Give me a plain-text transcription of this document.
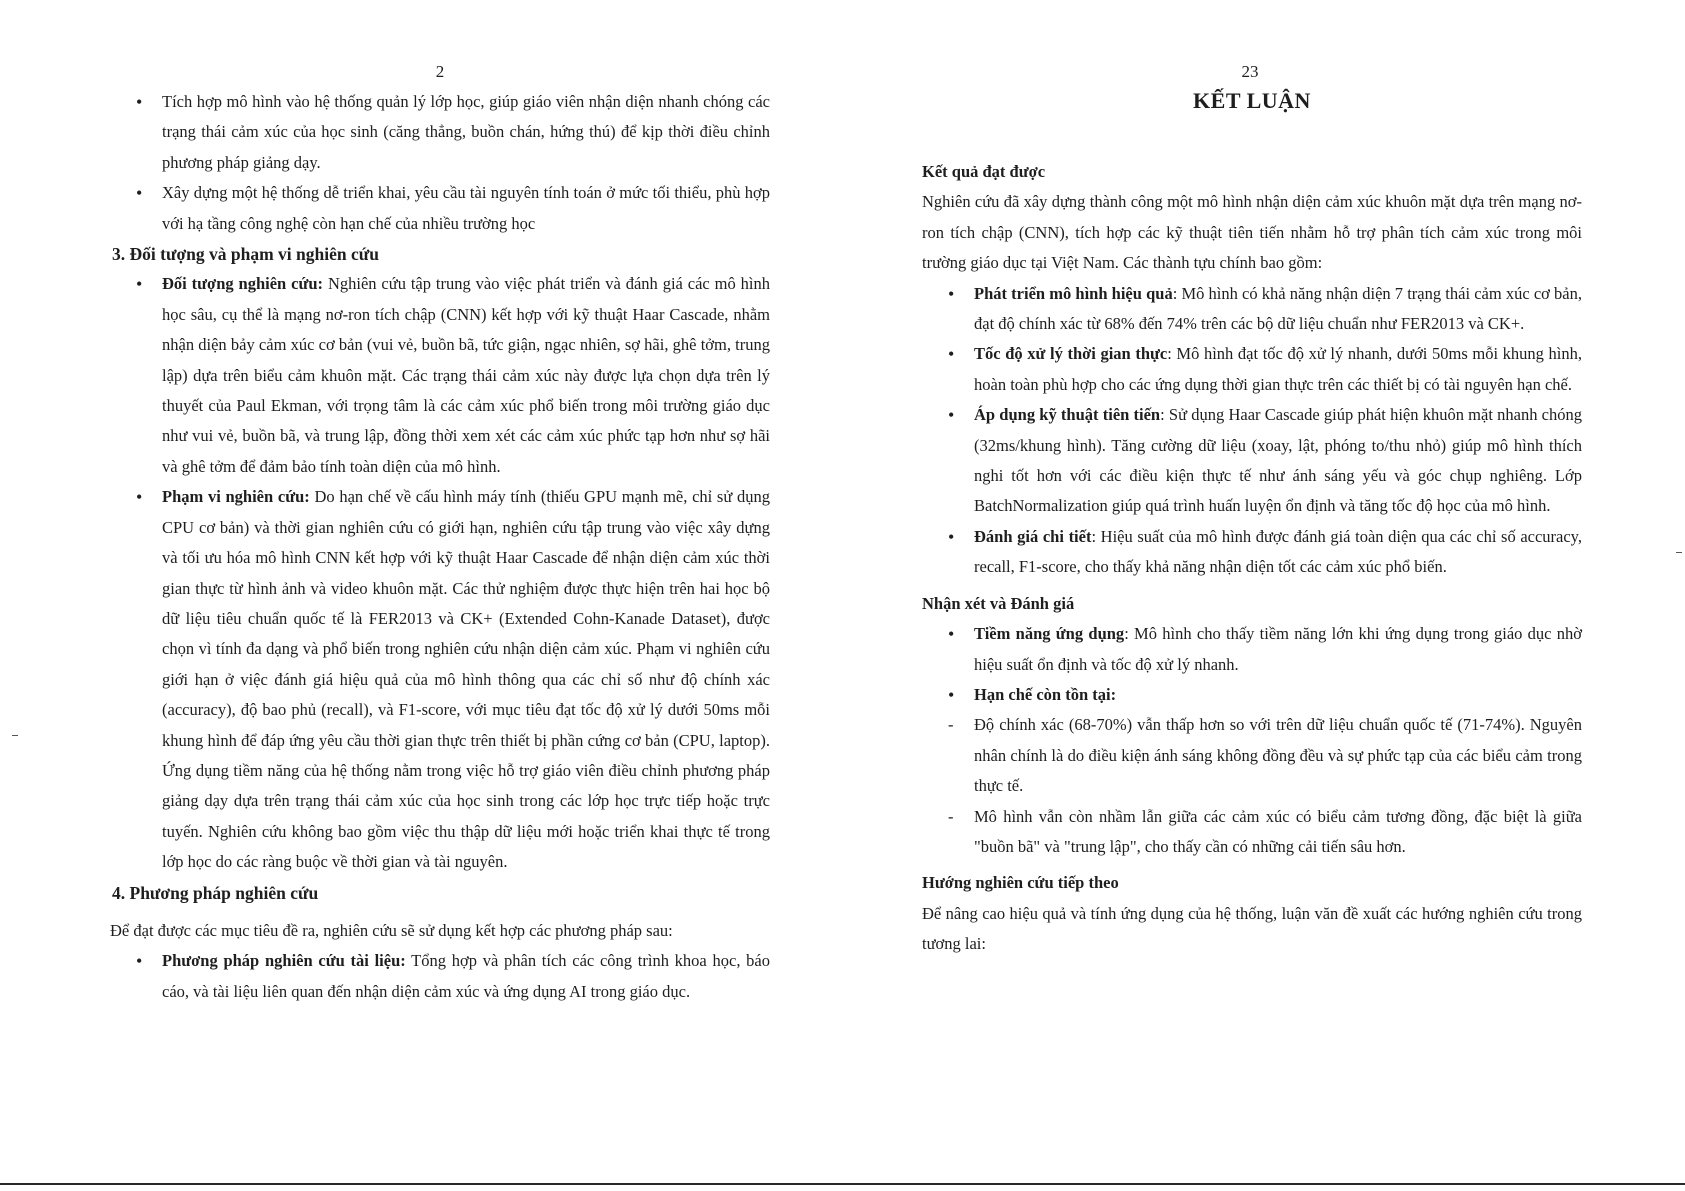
2
• Tích hợp mô hình vào hệ thống quản lý lớp học, giúp giáo viên nhận diện nhanh chóng các trạng thái cảm xúc của học sinh (căng thẳng, buồn chán, hứng thú) để kịp thời điều chỉnh phương pháp giảng dạy.
• Xây dựng một hệ thống dễ triển khai, yêu cầu tài nguyên tính toán ở mức tối thiểu, phù hợp với hạ tầng công nghệ còn hạn chế của nhiều trường học
3. Đối tượng và phạm vi nghiên cứu
• Đối tượng nghiên cứu: Nghiên cứu tập trung vào việc phát triển và đánh giá các mô hình học sâu, cụ thể là mạng nơ-ron tích chập (CNN) kết hợp với kỹ thuật Haar Cascade, nhằm nhận diện bảy cảm xúc cơ bản (vui vẻ, buồn bã, tức giận, ngạc nhiên, sợ hãi, ghê tởm, trung lập) dựa trên biểu cảm khuôn mặt. Các trạng thái cảm xúc này được lựa chọn dựa trên lý thuyết của Paul Ekman, với trọng tâm là các cảm xúc phổ biến trong môi trường giáo dục như vui vẻ, buồn bã, và trung lập, đồng thời xem xét các cảm xúc phức tạp hơn như sợ hãi và ghê tởm để đảm bảo tính toàn diện của mô hình.
• Phạm vi nghiên cứu: Do hạn chế về cấu hình máy tính (thiếu GPU mạnh mẽ, chỉ sử dụng CPU cơ bản) và thời gian nghiên cứu có giới hạn, nghiên cứu tập trung vào việc xây dựng và tối ưu hóa mô hình CNN kết hợp với kỹ thuật Haar Cascade để nhận diện cảm xúc thời gian thực từ hình ảnh và video khuôn mặt. Các thử nghiệm được thực hiện trên hai học bộ dữ liệu tiêu chuẩn quốc tế là FER2013 và CK+ (Extended Cohn-Kanade Dataset), được chọn vì tính đa dạng và phổ biến trong nghiên cứu nhận diện cảm xúc. Phạm vi nghiên cứu giới hạn ở việc đánh giá hiệu quả của mô hình thông qua các chỉ số như độ chính xác (accuracy), độ bao phủ (recall), và F1-score, với mục tiêu đạt tốc độ xử lý dưới 50ms mỗi khung hình để đáp ứng yêu cầu thời gian thực trên thiết bị phần cứng cơ bản (CPU, laptop). Ứng dụng tiềm năng của hệ thống nằm trong việc hỗ trợ giáo viên điều chỉnh phương pháp giảng dạy dựa trên trạng thái cảm xúc của học sinh trong các lớp học trực tiếp hoặc trực tuyến. Nghiên cứu không bao gồm việc thu thập dữ liệu mới hoặc triển khai thực tế trong lớp học do các ràng buộc về thời gian và tài nguyên.
4. Phương pháp nghiên cứu
Để đạt được các mục tiêu đề ra, nghiên cứu sẽ sử dụng kết hợp các phương pháp sau:
• Phương pháp nghiên cứu tài liệu: Tổng hợp và phân tích các công trình khoa học, báo cáo, và tài liệu liên quan đến nhận diện cảm xúc và ứng dụng AI trong giáo dục.
23
KẾT LUẬN
Kết quả đạt được
Nghiên cứu đã xây dựng thành công một mô hình nhận diện cảm xúc khuôn mặt dựa trên mạng nơ-ron tích chập (CNN), tích hợp các kỹ thuật tiên tiến nhằm hỗ trợ phân tích cảm xúc trong môi trường giáo dục tại Việt Nam. Các thành tựu chính bao gồm:
• Phát triển mô hình hiệu quả: Mô hình có khả năng nhận diện 7 trạng thái cảm xúc cơ bản, đạt độ chính xác từ 68% đến 74% trên các bộ dữ liệu chuẩn như FER2013 và CK+.
• Tốc độ xử lý thời gian thực: Mô hình đạt tốc độ xử lý nhanh, dưới 50ms mỗi khung hình, hoàn toàn phù hợp cho các ứng dụng thời gian thực trên các thiết bị có tài nguyên hạn chế.
• Áp dụng kỹ thuật tiên tiến: Sử dụng Haar Cascade giúp phát hiện khuôn mặt nhanh chóng (32ms/khung hình). Tăng cường dữ liệu (xoay, lật, phóng to/thu nhỏ) giúp mô hình thích nghi tốt hơn với các điều kiện thực tế như ánh sáng yếu và góc chụp nghiêng. Lớp BatchNormalization giúp quá trình huấn luyện ổn định và tăng tốc độ học của mô hình.
• Đánh giá chi tiết: Hiệu suất của mô hình được đánh giá toàn diện qua các chỉ số accuracy, recall, F1-score, cho thấy khả năng nhận diện tốt các cảm xúc phổ biến.
Nhận xét và Đánh giá
• Tiềm năng ứng dụng: Mô hình cho thấy tiềm năng lớn khi ứng dụng trong giáo dục nhờ hiệu suất ổn định và tốc độ xử lý nhanh.
• Hạn chế còn tồn tại:
- Độ chính xác (68-70%) vẫn thấp hơn so với trên dữ liệu chuẩn quốc tế (71-74%). Nguyên nhân chính là do điều kiện ánh sáng không đồng đều và sự phức tạp của các biểu cảm trong thực tế.
- Mô hình vẫn còn nhầm lẫn giữa các cảm xúc có biểu cảm tương đồng, đặc biệt là giữa "buồn bã" và "trung lập", cho thấy cần có những cải tiến sâu hơn.
Hướng nghiên cứu tiếp theo
Để nâng cao hiệu quả và tính ứng dụng của hệ thống, luận văn đề xuất các hướng nghiên cứu trong tương lai:
